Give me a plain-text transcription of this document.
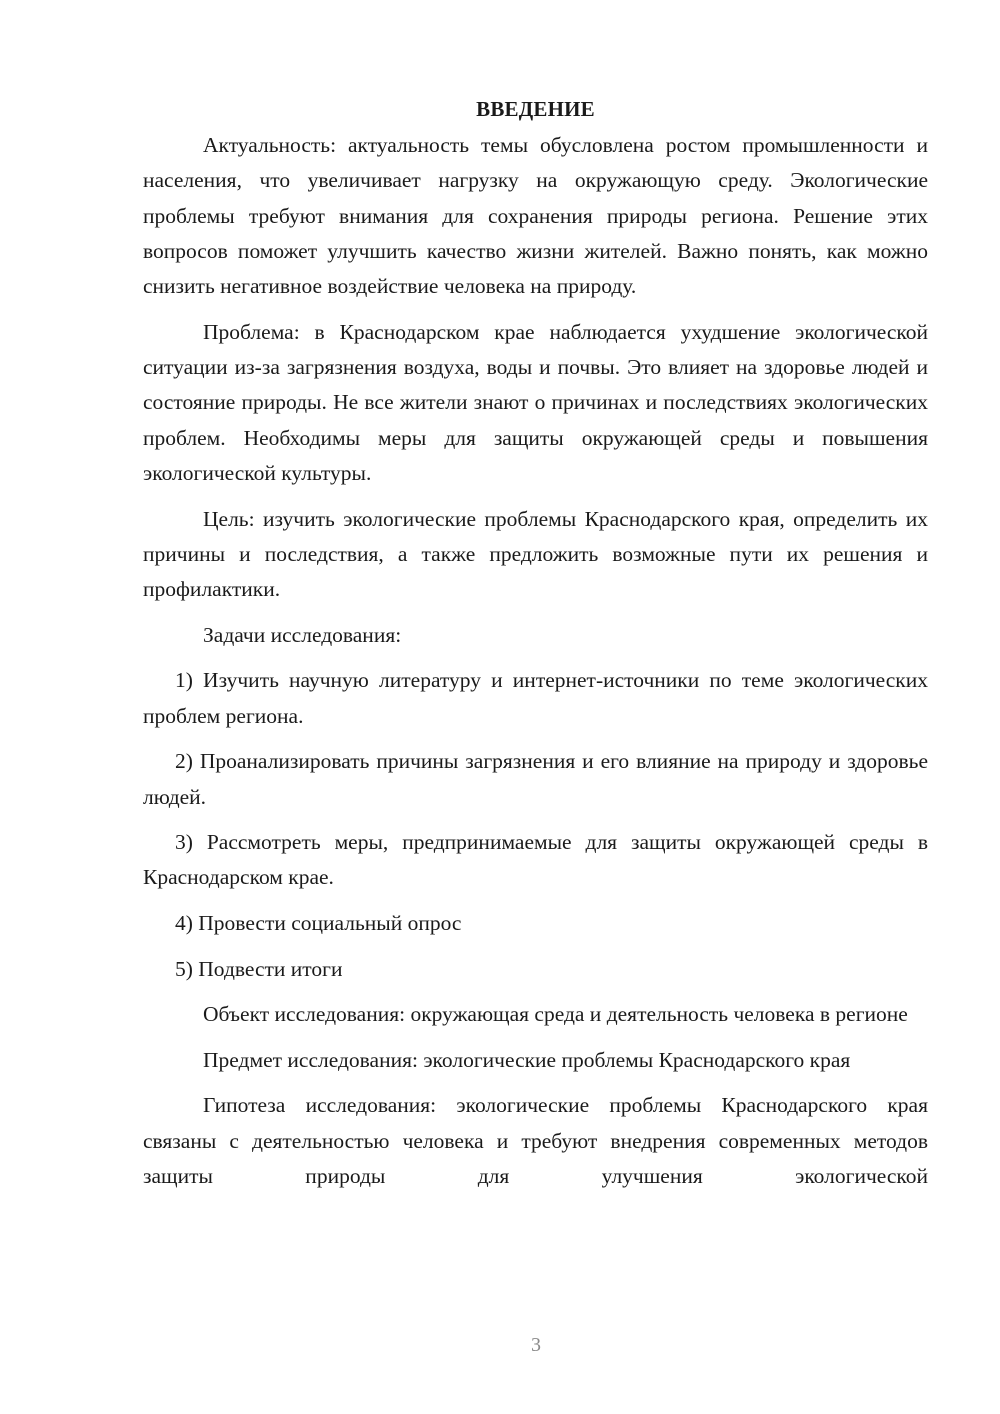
ВВЕДЕНИЕ

Актуальность: актуальность темы обусловлена ростом промышленности и населения, что увеличивает нагрузку на окружающую среду. Экологические проблемы требуют внимания для сохранения природы региона. Решение этих вопросов поможет улучшить качество жизни жителей. Важно понять, как можно снизить негативное воздействие человека на природу.

Проблема: в Краснодарском крае наблюдается ухудшение экологической ситуации из-за загрязнения воздуха, воды и почвы. Это влияет на здоровье людей и состояние природы. Не все жители знают о причинах и последствиях экологических проблем. Необходимы меры для защиты окружающей среды и повышения экологической культуры.

Цель: изучить экологические проблемы Краснодарского края, определить их причины и последствия, а также предложить возможные пути их решения и профилактики.

Задачи исследования:

1) Изучить научную литературу и интернет-источники по теме экологических проблем региона.

2) Проанализировать причины загрязнения и его влияние на природу и здоровье людей.

3) Рассмотреть меры, предпринимаемые для защиты окружающей среды в Краснодарском крае.

4) Провести социальный опрос

5) Подвести итоги

Объект исследования: окружающая среда и деятельность человека в регионе

Предмет исследования: экологические проблемы Краснодарского края

Гипотеза исследования: экологические проблемы Краснодарского края связаны с деятельностью человека и требуют внедрения современных методов защиты природы для улучшения экологической

3
